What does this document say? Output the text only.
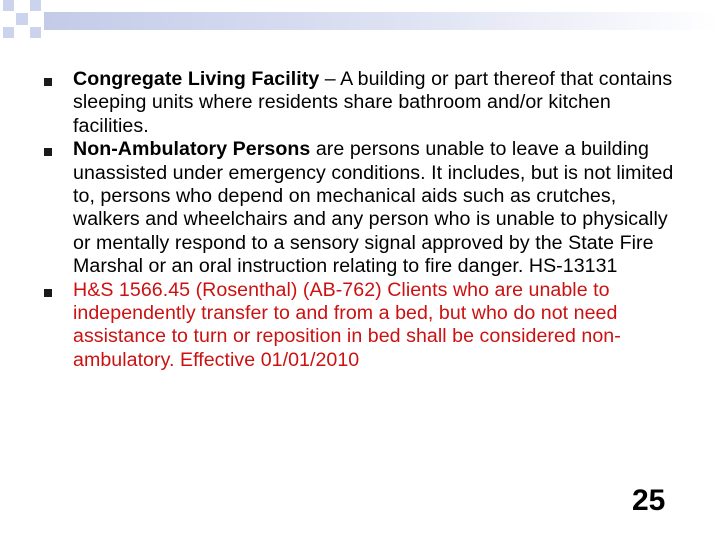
Congregate Living Facility – A building or part thereof that contains sleeping units where residents share bathroom and/or kitchen facilities.
Non-Ambulatory Persons are persons unable to leave a building unassisted under emergency conditions. It includes, but is not limited to, persons who depend on mechanical aids such as crutches, walkers and wheelchairs and any person who is unable to physically or mentally respond to a sensory signal approved by the State Fire Marshal or an oral instruction relating to fire danger. HS-13131
H&S 1566.45 (Rosenthal) (AB-762) Clients who are unable to independently transfer to and from a bed, but who do not need assistance to turn or reposition in bed shall be considered non-ambulatory. Effective 01/01/2010
25
